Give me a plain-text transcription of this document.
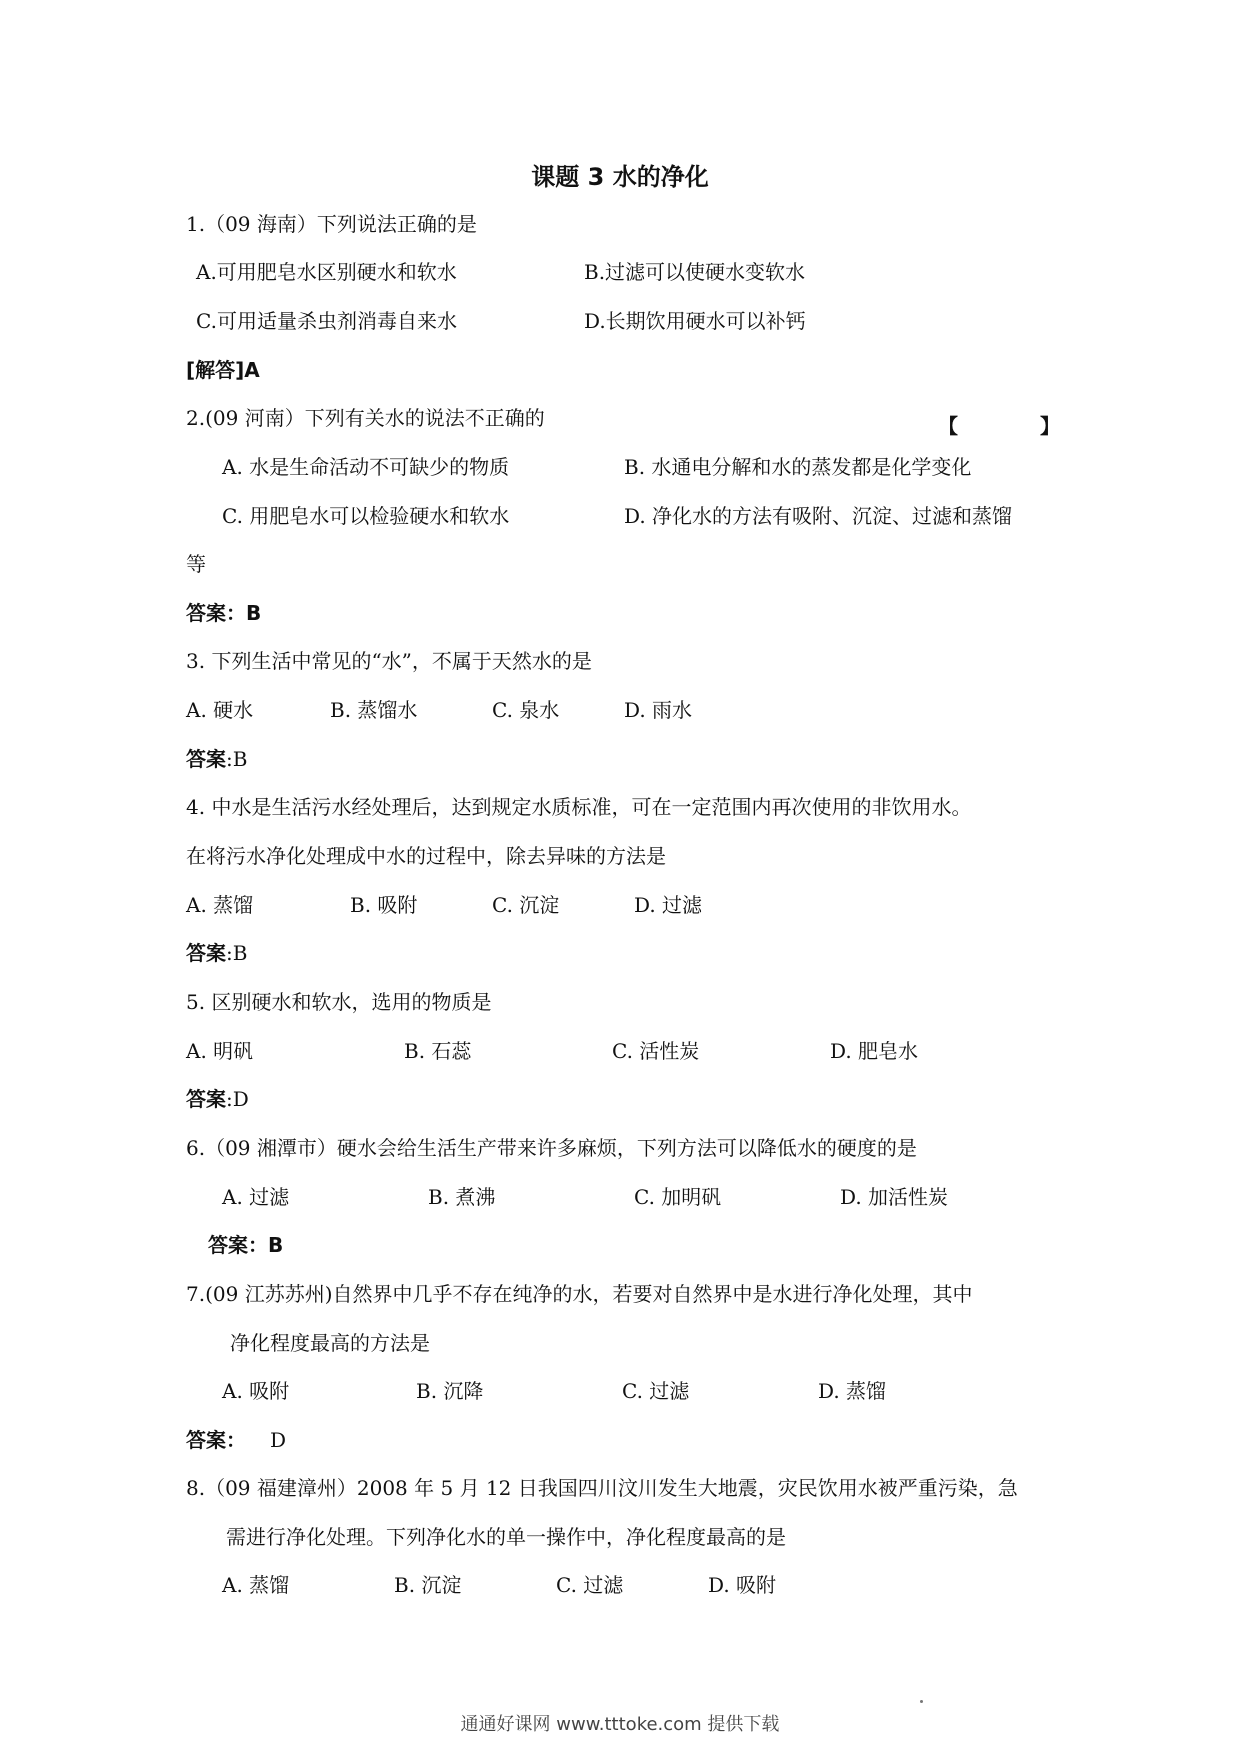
课题 3 水的净化
1.（09 海南）下列说法正确的是
A.可用肥皂水区别硬水和软水	B.过滤可以使硬水变软水
C.可用适量杀虫剂消毒自来水	D.长期饮用硬水可以补钙
[解答]A
2.(09 河南）下列有关水的说法不正确的	【	】
A. 水是生命活动不可缺少的物质	B. 水通电分解和水的蒸发都是化学变化
C. 用肥皂水可以检验硬水和软水	D. 净化水的方法有吸附、沉淀、过滤和蒸馏
等
答案：B
3. 下列生活中常见的“水”，不属于天然水的是
A. 硬水	B. 蒸馏水	C. 泉水	D. 雨水
答案:B
4. 中水是生活污水经处理后，达到规定水质标准，可在一定范围内再次使用的非饮用水。
在将污水净化处理成中水的过程中，除去异味的方法是
A. 蒸馏	B. 吸附	C. 沉淀	D. 过滤
答案:B
5. 区别硬水和软水，选用的物质是
A. 明矾	B. 石蕊	C. 活性炭	D. 肥皂水
答案:D
6.（09 湘潭市）硬水会给生活生产带来许多麻烦，下列方法可以降低水的硬度的是
A. 过滤	B. 煮沸	C. 加明矾	D. 加活性炭
答案：B
7.(09 江苏苏州)自然界中几乎不存在纯净的水，若要对自然界中是水进行净化处理，其中
净化程度最高的方法是
A. 吸附	B. 沉降	C. 过滤	D. 蒸馏
答案： D
8.（09 福建漳州）2008 年 5 月 12 日我国四川汶川发生大地震，灾民饮用水被严重污染，急
需进行净化处理。下列净化水的单一操作中，净化程度最高的是
A. 蒸馏	B. 沉淀	C. 过滤	D. 吸附
通通好课网 www.tttoke.com 提供下载
